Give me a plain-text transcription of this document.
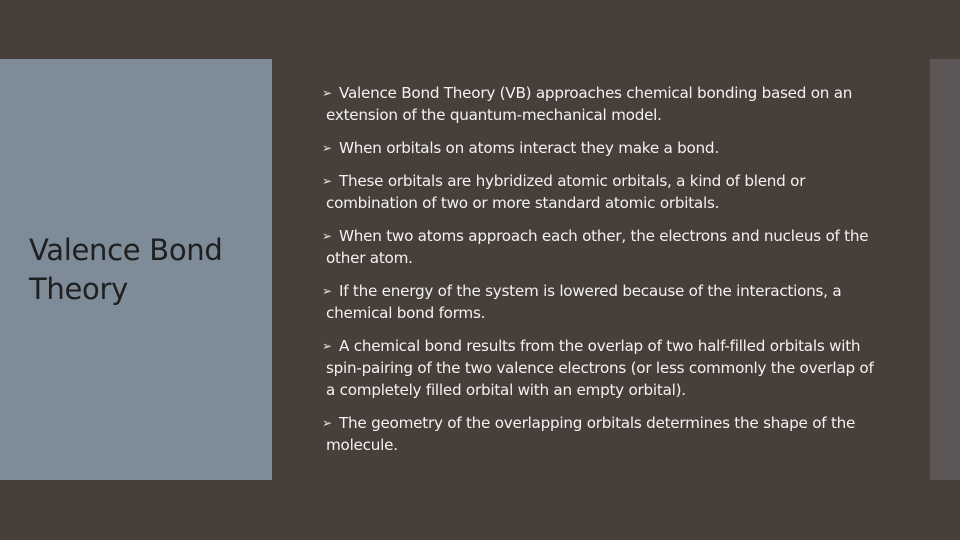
Valence Bond Theory
➢ Valence Bond Theory (VB) approaches chemical bonding based on an extension of the quantum-mechanical model.
➢ When orbitals on atoms interact they make a bond.
➢ These orbitals are hybridized atomic orbitals, a kind of blend or combination of two or more standard atomic orbitals.
➢ When two atoms approach each other, the electrons and nucleus of the other atom.
➢ If the energy of the system is lowered because of the interactions, a chemical bond forms.
➢ A chemical bond results from the overlap of two half-filled orbitals with spin-pairing of the two valence electrons (or less commonly the overlap of a completely filled orbital with an empty orbital).
➢ The geometry of the overlapping orbitals determines the shape of the molecule.
